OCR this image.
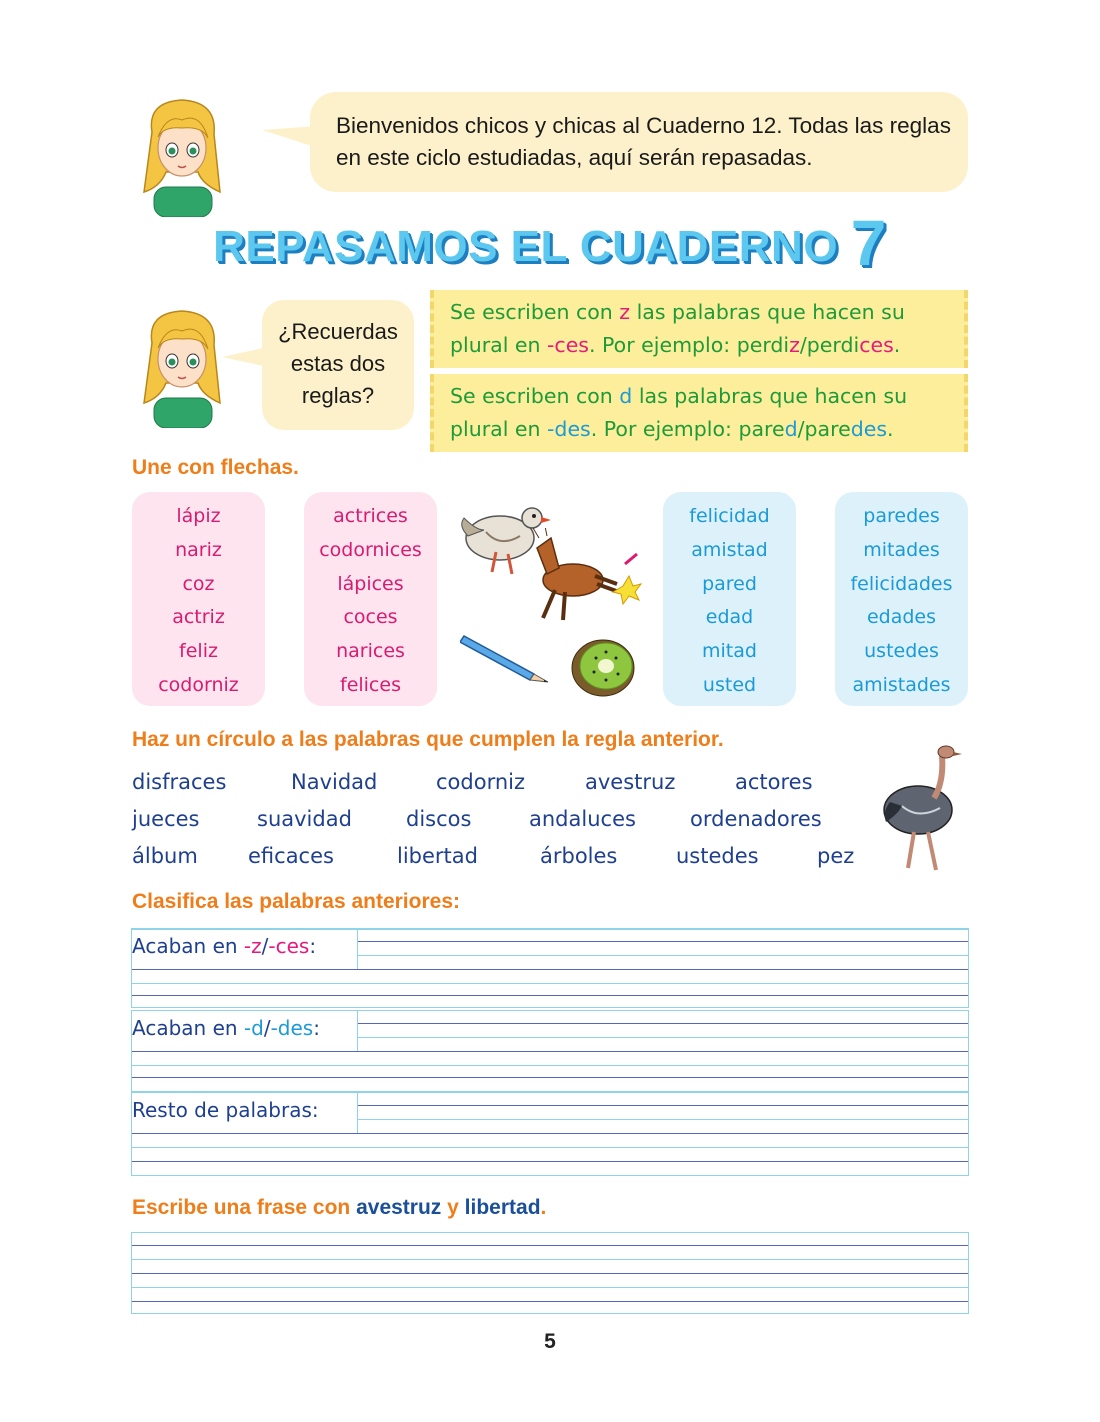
Bienvenidos chicos y chicas al Cuaderno 12. Todas las reglas en este ciclo estudiadas, aquí serán repasadas.
REPASAMOS EL CUADERNO 7
¿Recuerdas estas dos reglas?
Se escriben con z las palabras que hacen su plural en -ces. Por ejemplo: perdiz/perdices.
Se escriben con d las palabras que hacen su plural en -des. Por ejemplo: pared/paredes.
Une con flechas.
lápiz
nariz
coz
actriz
feliz
codorniz
actrices
codornices
lápices
coces
narices
felices
felicidad
amistad
pared
edad
mitad
usted
paredes
mitades
felicidades
edades
ustedes
amistades
Haz un círculo a las palabras que cumplen la regla anterior.
disfraces	Navidad	codorniz	avestruz	actores
jueces	suavidad	discos	andaluces	ordenadores
álbum eficaces	libertad	árboles	ustedes	pez
Clasifica las palabras anteriores:
Acaban en -z/-ces:
Acaban en -d/-des:
Resto de palabras:
Escribe una frase con avestruz y libertad.
5
